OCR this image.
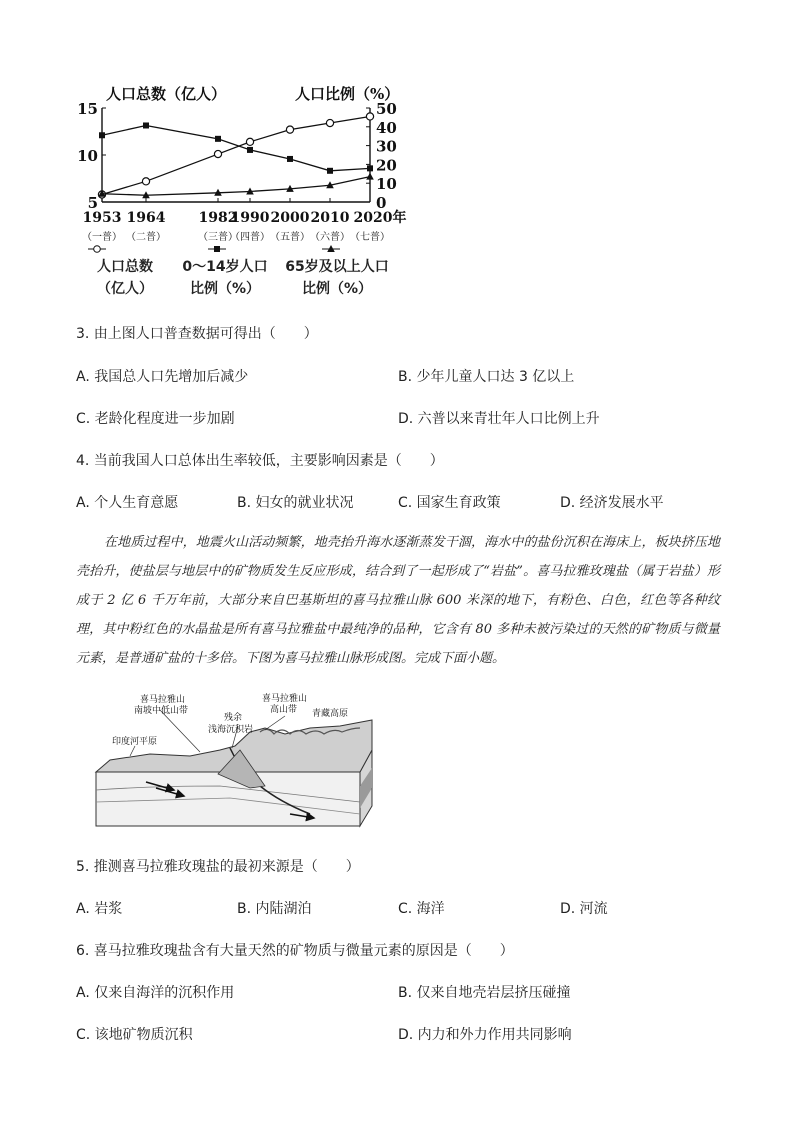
人口总数（亿人）	人口比例（%）
15
10
5
50
40
30
20
10
0
1953
（一普）
1964
（二普）
1982
（三普）
1990
（四普）
2000
（五普）
2010
（六普）
2020年
（七普）
人口总数
（亿人）
0～14岁人口
比例（%）
65岁及以上人口
比例（%）
3. 由上图人口普查数据可得出（　　）
A. 我国总人口先增加后减少	B. 少年儿童人口达 3 亿以上
C. 老龄化程度进一步加剧	D. 六普以来青壮年人口比例上升
4. 当前我国人口总体出生率较低，主要影响因素是（　　）
A. 个人生育意愿	B. 妇女的就业状况	C. 国家生育政策	D. 经济发展水平
在地质过程中，地震火山活动频繁，地壳抬升海水逐渐蒸发干涸，海水中的盐份沉积在海床上，板块挤压地壳抬升，使盐层与地层中的矿物质发生反应形成，结合到了一起形成了“岩盐”。喜马拉雅玫瑰盐（属于岩盐）形成于 2 亿 6 千万年前，大部分来自巴基斯坦的喜马拉雅山脉 600 米深的地下，有粉色、白色，红色等各种纹理，其中粉红色的水晶盐是所有喜马拉雅盐中最纯净的品种，它含有 80 多种未被污染过的天然的矿物质与微量元素，是普通矿盐的十多倍。下图为喜马拉雅山脉形成图。完成下面小题。
喜马拉雅山
南坡中低山带
残余
浅海沉积岩
喜马拉雅山
高山带 青藏高原
印度河平原
5. 推测喜马拉雅玫瑰盐的最初来源是（　　）
A. 岩浆	B. 内陆湖泊	C. 海洋	D. 河流
6. 喜马拉雅玫瑰盐含有大量天然的矿物质与微量元素的原因是（　　）
A. 仅来自海洋的沉积作用	B. 仅来自地壳岩层挤压碰撞
C. 该地矿物质沉积	D. 内力和外力作用共同影响
